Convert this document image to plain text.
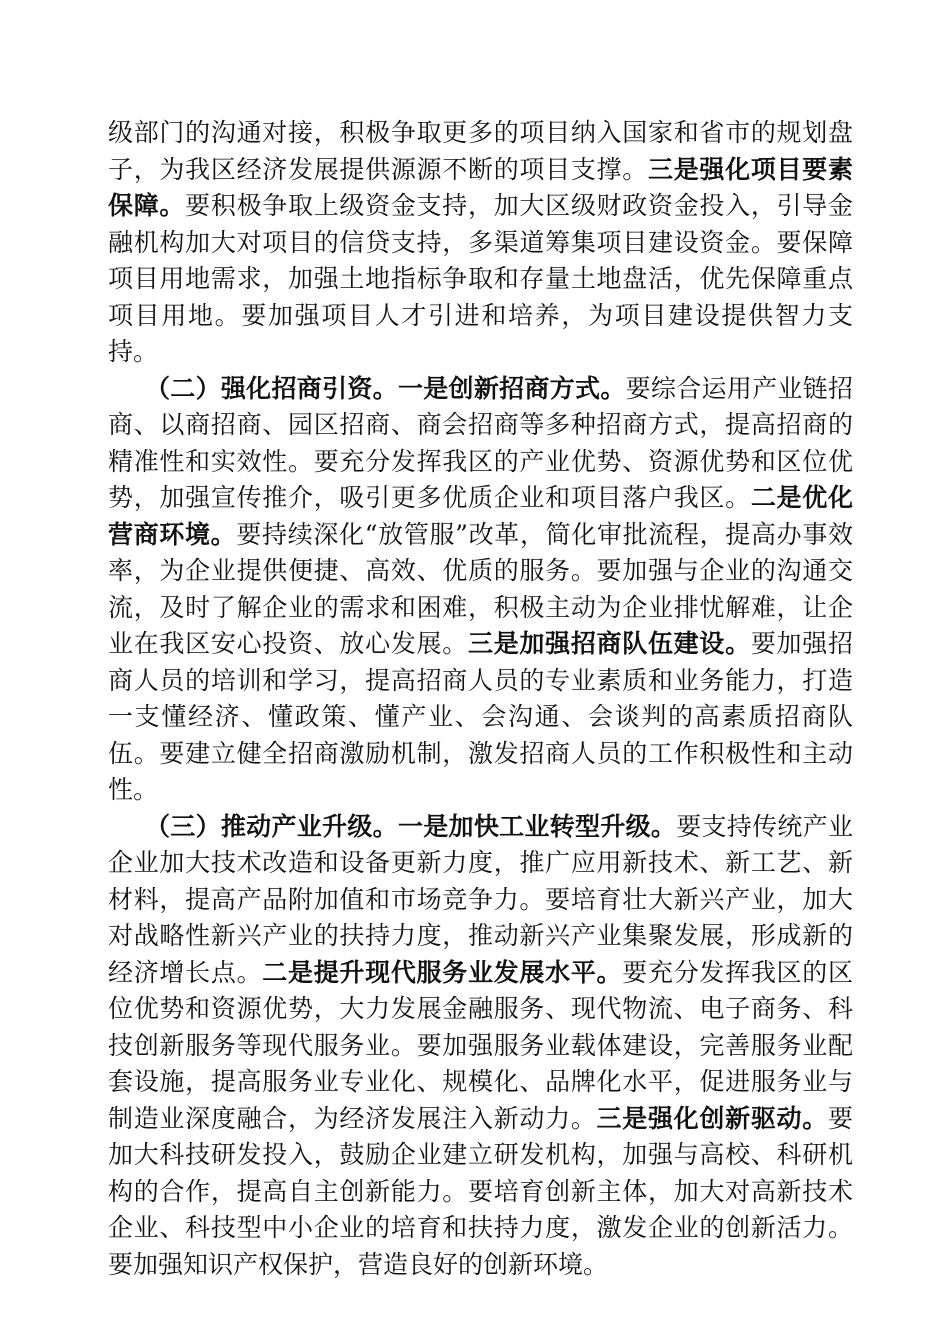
级部门的沟通对接，积极争取更多的项目纳入国家和省市的规划盘子，为我区经济发展提供源源不断的项目支撑。三是强化项目要素保障。要积极争取上级资金支持，加大区级财政资金投入，引导金融机构加大对项目的信贷支持，多渠道筹集项目建设资金。要保障项目用地需求，加强土地指标争取和存量土地盘活，优先保障重点项目用地。要加强项目人才引进和培养，为项目建设提供智力支持。

（二）强化招商引资。一是创新招商方式。要综合运用产业链招商、以商招商、园区招商、商会招商等多种招商方式，提高招商的精准性和实效性。要充分发挥我区的产业优势、资源优势和区位优势，加强宣传推介，吸引更多优质企业和项目落户我区。二是优化营商环境。要持续深化“放管服”改革，简化审批流程，提高办事效率，为企业提供便捷、高效、优质的服务。要加强与企业的沟通交流，及时了解企业的需求和困难，积极主动为企业排忧解难，让企业在我区安心投资、放心发展。三是加强招商队伍建设。要加强招商人员的培训和学习，提高招商人员的专业素质和业务能力，打造一支懂经济、懂政策、懂产业、会沟通、会谈判的高素质招商队伍。要建立健全招商激励机制，激发招商人员的工作积极性和主动性。

（三）推动产业升级。一是加快工业转型升级。要支持传统产业企业加大技术改造和设备更新力度，推广应用新技术、新工艺、新材料，提高产品附加值和市场竞争力。要培育壮大新兴产业，加大对战略性新兴产业的扶持力度，推动新兴产业集聚发展，形成新的经济增长点。二是提升现代服务业发展水平。要充分发挥我区的区位优势和资源优势，大力发展金融服务、现代物流、电子商务、科技创新服务等现代服务业。要加强服务业载体建设，完善服务业配套设施，提高服务业专业化、规模化、品牌化水平，促进服务业与制造业深度融合，为经济发展注入新动力。三是强化创新驱动。要加大科技研发投入，鼓励企业建立研发机构，加强与高校、科研机构的合作，提高自主创新能力。要培育创新主体，加大对高新技术企业、科技型中小企业的培育和扶持力度，激发企业的创新活力。要加强知识产权保护，营造良好的创新环境。
